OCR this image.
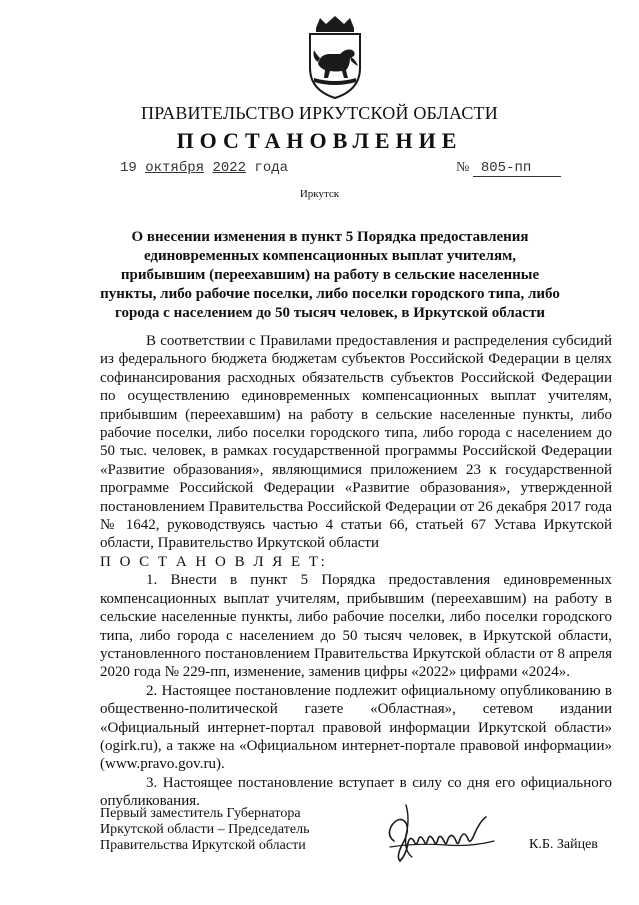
ПРАВИТЕЛЬСТВО ИРКУТСКОЙ ОБЛАСТИ
ПОСТАНОВЛЕНИЕ
19 октября 2022 года	№ 805-пп
Иркутск
О внесении изменения в пункт 5 Порядка предоставления единовременных компенсационных выплат учителям, прибывшим (переехавшим) на работу в сельские населенные пункты, либо рабочие поселки, либо поселки городского типа, либо города с населением до 50 тысяч человек, в Иркутской области

В соответствии с Правилами предоставления и распределения субсидий из федерального бюджета бюджетам субъектов Российской Федерации в целях софинансирования расходных обязательств субъектов Российской Федерации по осуществлению единовременных компенсационных выплат учителям, прибывшим (переехавшим) на работу в сельские населенные пункты, либо рабочие поселки, либо поселки городского типа, либо города с населением до 50 тыс. человек, в рамках государственной программы Российской Федерации «Развитие образования», являющимися приложением 23 к государственной программе Российской Федерации «Развитие образования», утвержденной постановлением Правительства Российской Федерации от 26 декабря 2017 года № 1642, руководствуясь частью 4 статьи 66, статьей 67 Устава Иркутской области, Правительство Иркутской области

П О С Т А Н О В Л Я Е Т:

1. Внести в пункт 5 Порядка предоставления единовременных компенсационных выплат учителям, прибывшим (переехавшим) на работу в сельские населенные пункты, либо рабочие поселки, либо поселки городского типа, либо города с населением до 50 тысяч человек, в Иркутской области, установленного постановлением Правительства Иркутской области от 8 апреля 2020 года № 229-пп, изменение, заменив цифры «2022» цифрами «2024».

2. Настоящее постановление подлежит официальному опубликованию в общественно-политической газете «Областная», сетевом издании «Официальный интернет-портал правовой информации Иркутской области» (ogirk.ru), а также на «Официальном интернет-портале правовой информации» (www.pravo.gov.ru).

3. Настоящее постановление вступает в силу со дня его официального опубликования.

Первый заместитель Губернатора
Иркутской области – Председатель
Правительства Иркутской области	К.Б. Зайцев
